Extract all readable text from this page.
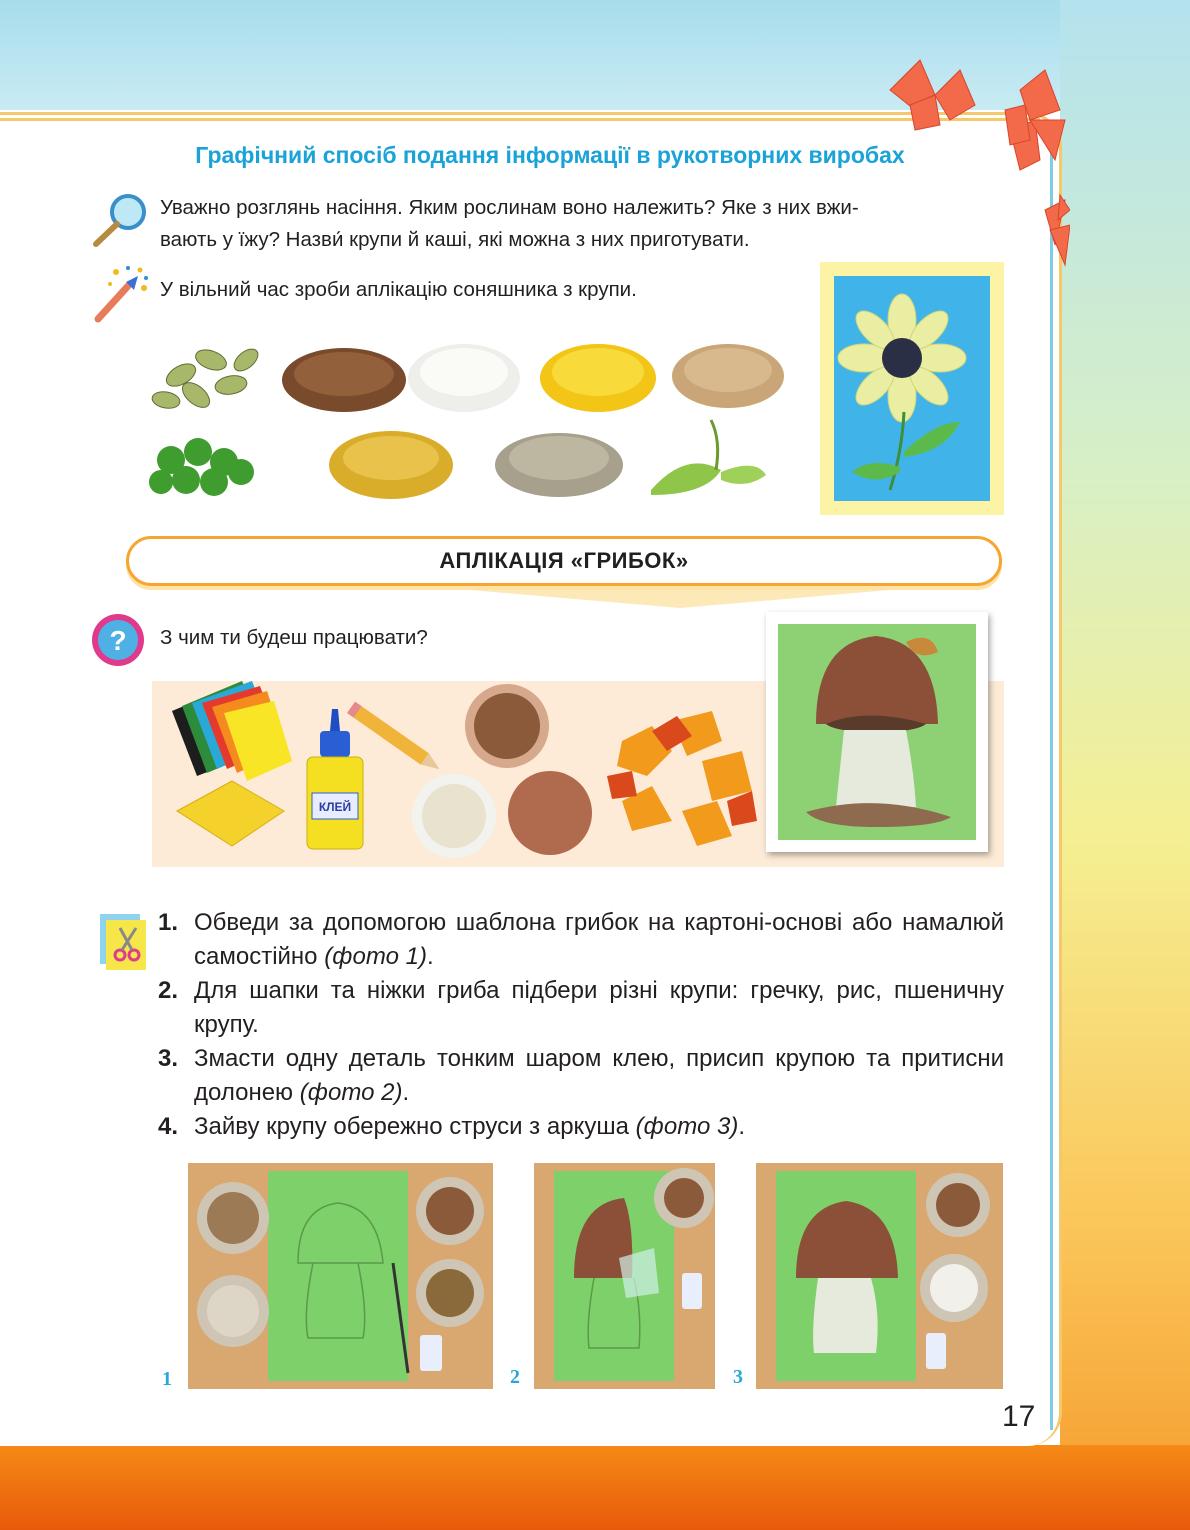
Графічний спосіб подання інформації в рукотворних виробах
Уважно розглянь насіння. Яким рослинам воно належить? Яке з них вжи-
вають у їжу? Назви́ крупи й каші, які можна з них приготувати.
У вільний час зроби аплікацію соняшника з крупи.
АПЛІКАЦІЯ «ГРИБОК»
? З чим ти будеш працювати?
КЛЕЙ
1. Обведи за допомогою шаблона грибок на картоні-основі або намалюй самостійно (фото 1).
2. Для шапки та ніжки гриба підбери різні крупи: гречку, рис, пшеничну крупу.
3. Змасти одну деталь тонким шаром клею, присип крупою та притисни долонею (фото 2).
4. Зайву крупу обережно струси з аркуша (фото 3).
1	2	3
17
